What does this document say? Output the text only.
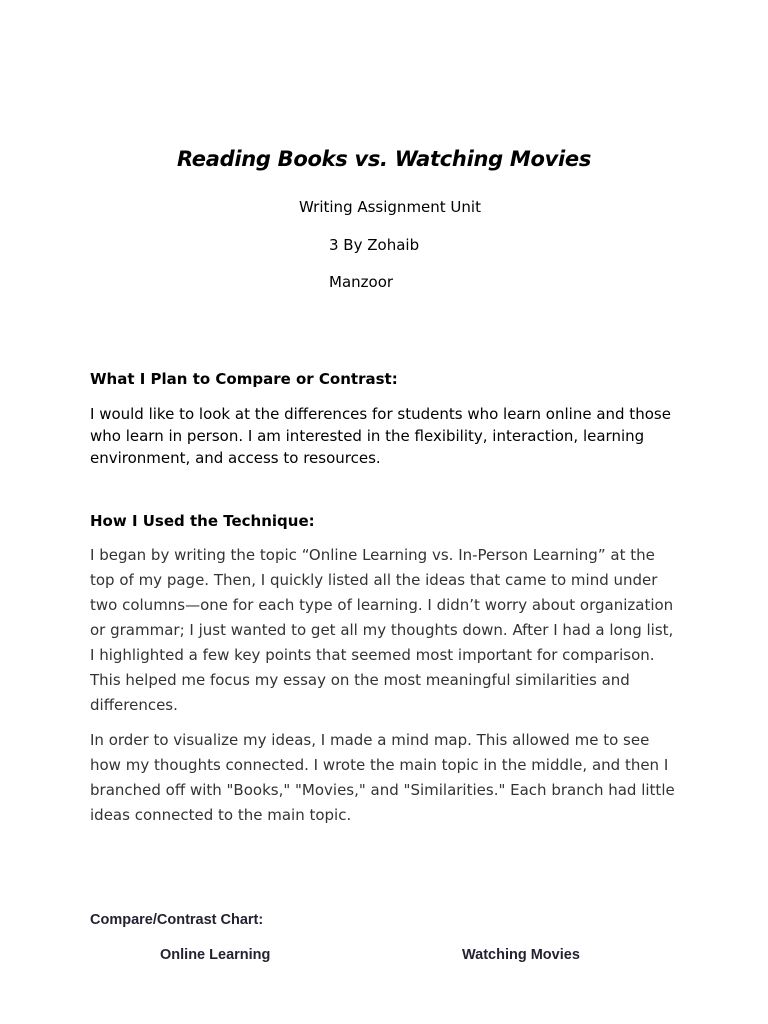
Reading Books vs. Watching Movies

Writing Assignment Unit

3 By Zohaib

Manzoor

What I Plan to Compare or Contrast:

I would like to look at the differences for students who learn online and those who learn in person. I am interested in the flexibility, interaction, learning environment, and access to resources.

How I Used the Technique:

I began by writing the topic “Online Learning vs. In-Person Learning” at the top of my page. Then, I quickly listed all the ideas that came to mind under two columns—one for each type of learning. I didn’t worry about organization or grammar; I just wanted to get all my thoughts down. After I had a long list, I highlighted a few key points that seemed most important for comparison. This helped me focus my essay on the most meaningful similarities and differences.

In order to visualize my ideas, I made a mind map. This allowed me to see how my thoughts connected. I wrote the main topic in the middle, and then I branched off with "Books," "Movies," and "Similarities." Each branch had little ideas connected to the main topic.

Compare/Contrast Chart:

Online Learning	Watching Movies
